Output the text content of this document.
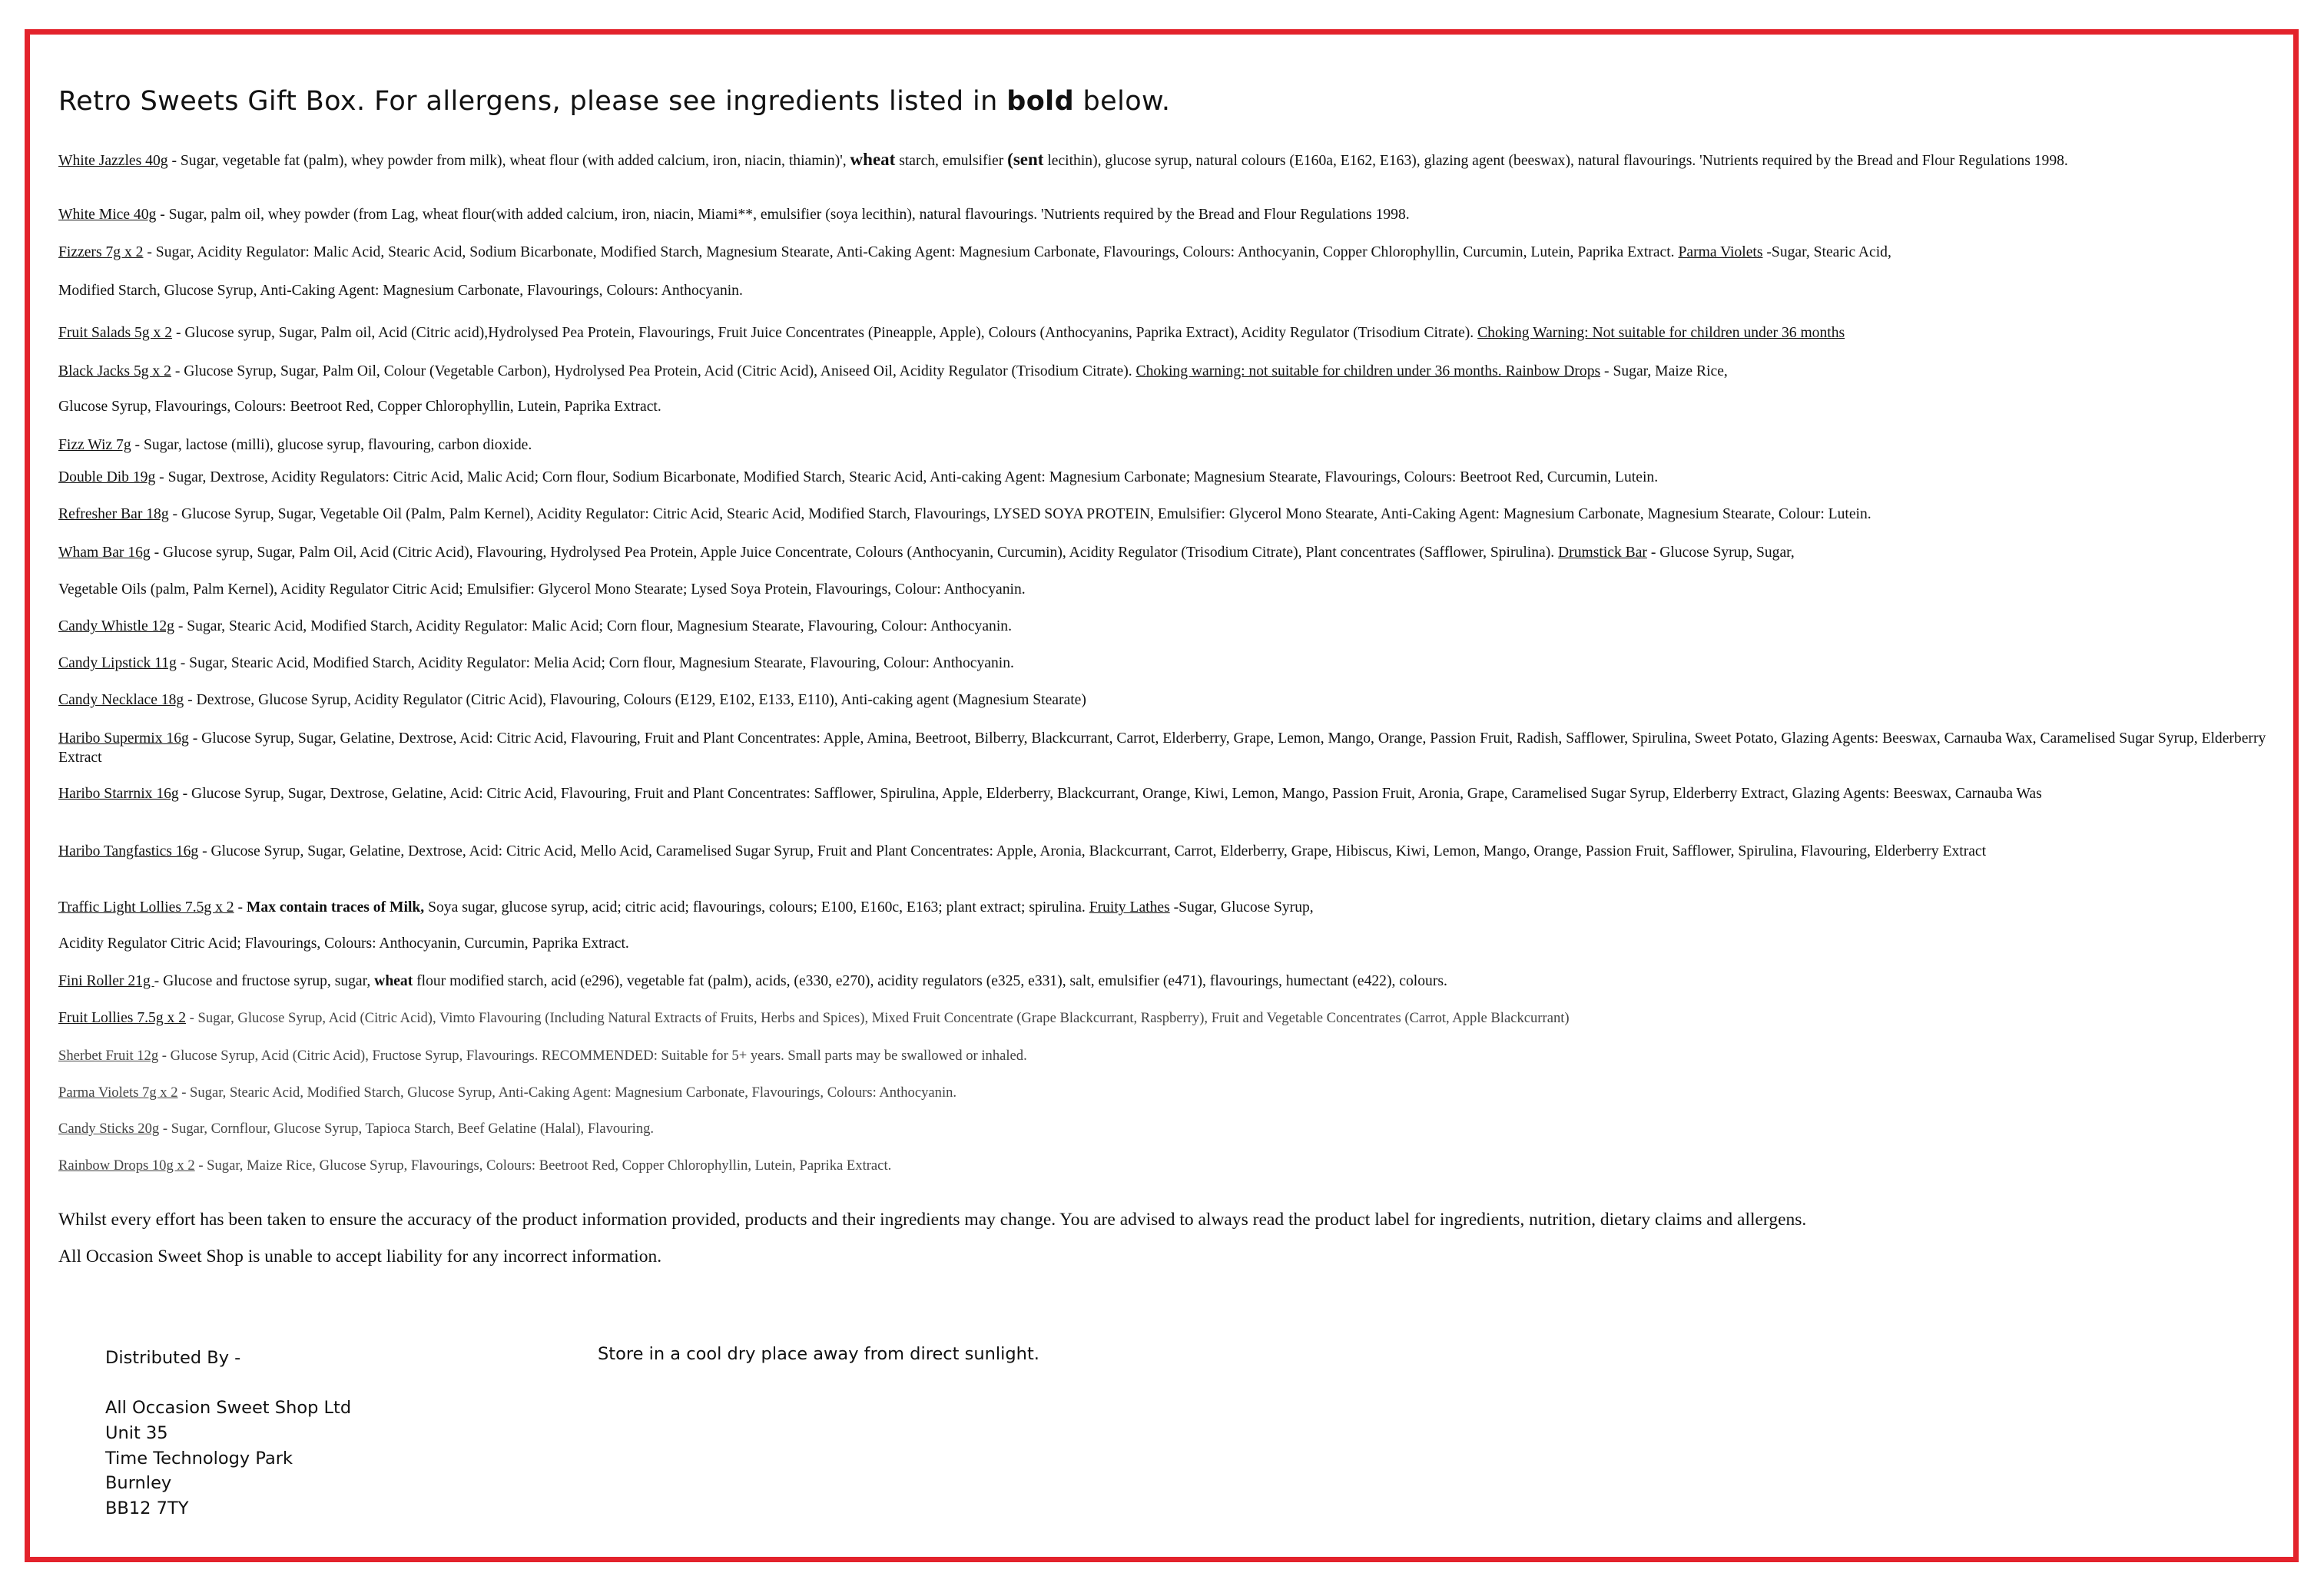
Retro Sweets Gift Box. For allergens, please see ingredients listed in bold below.
White Jazzles 40g - Sugar, vegetable fat (palm), whey powder from milk), wheat flour (with added calcium, iron, niacin, thiamin)', wheat starch, emulsifier (sent lecithin), glucose syrup, natural colours (E160a, E162, E163), glazing agent (beeswax), natural flavourings. 'Nutrients required by the Bread and Flour Regulations 1998.
White Mice 40g - Sugar, palm oil, whey powder (from Lag, wheat flour(with added calcium, iron, niacin, Miami**, emulsifier (soya lecithin), natural flavourings. 'Nutrients required by the Bread and Flour Regulations 1998.
Fizzers 7g x 2 - Sugar, Acidity Regulator: Malic Acid, Stearic Acid, Sodium Bicarbonate, Modified Starch, Magnesium Stearate, Anti-Caking Agent: Magnesium Carbonate, Flavourings, Colours: Anthocyanin, Copper Chlorophyllin, Curcumin, Lutein, Paprika Extract. Parma Violets -Sugar, Stearic Acid,
Modified Starch, Glucose Syrup, Anti-Caking Agent: Magnesium Carbonate, Flavourings, Colours: Anthocyanin.
Fruit Salads 5g x 2 - Glucose syrup, Sugar, Palm oil, Acid (Citric acid),Hydrolysed Pea Protein, Flavourings, Fruit Juice Concentrates (Pineapple, Apple), Colours (Anthocyanins, Paprika Extract), Acidity Regulator (Trisodium Citrate). Choking Warning: Not suitable for children under 36 months
Black Jacks 5g x 2 - Glucose Syrup, Sugar, Palm Oil, Colour (Vegetable Carbon), Hydrolysed Pea Protein, Acid (Citric Acid), Aniseed Oil, Acidity Regulator (Trisodium Citrate). Choking warning: not suitable for children under 36 months. Rainbow Drops - Sugar, Maize Rice,
Glucose Syrup, Flavourings, Colours: Beetroot Red, Copper Chlorophyllin, Lutein, Paprika Extract.
Fizz Wiz 7g - Sugar, lactose (milli), glucose syrup, flavouring, carbon dioxide.
Double Dib 19g - Sugar, Dextrose, Acidity Regulators: Citric Acid, Malic Acid; Corn flour, Sodium Bicarbonate, Modified Starch, Stearic Acid, Anti-caking Agent: Magnesium Carbonate; Magnesium Stearate, Flavourings, Colours: Beetroot Red, Curcumin, Lutein.
Refresher Bar 18g - Glucose Syrup, Sugar, Vegetable Oil (Palm, Palm Kernel), Acidity Regulator: Citric Acid, Stearic Acid, Modified Starch, Flavourings, LYSED SOYA PROTEIN, Emulsifier: Glycerol Mono Stearate, Anti-Caking Agent: Magnesium Carbonate, Magnesium Stearate, Colour: Lutein.
Wham Bar 16g - Glucose syrup, Sugar, Palm Oil, Acid (Citric Acid), Flavouring, Hydrolysed Pea Protein, Apple Juice Concentrate, Colours (Anthocyanin, Curcumin), Acidity Regulator (Trisodium Citrate), Plant concentrates (Safflower, Spirulina). Drumstick Bar - Glucose Syrup, Sugar,
Vegetable Oils (palm, Palm Kernel), Acidity Regulator Citric Acid; Emulsifier: Glycerol Mono Stearate; Lysed Soya Protein, Flavourings, Colour: Anthocyanin.
Candy Whistle 12g - Sugar, Stearic Acid, Modified Starch, Acidity Regulator: Malic Acid; Corn flour, Magnesium Stearate, Flavouring, Colour: Anthocyanin.
Candy Lipstick 11g - Sugar, Stearic Acid, Modified Starch, Acidity Regulator: Melia Acid; Corn flour, Magnesium Stearate, Flavouring, Colour: Anthocyanin.
Candy Necklace 18g - Dextrose, Glucose Syrup, Acidity Regulator (Citric Acid), Flavouring, Colours (E129, E102, E133, E110), Anti-caking agent (Magnesium Stearate)
Haribo Supermix 16g - Glucose Syrup, Sugar, Gelatine, Dextrose, Acid: Citric Acid, Flavouring, Fruit and Plant Concentrates: Apple, Amina, Beetroot, Bilberry, Blackcurrant, Carrot, Elderberry, Grape, Lemon, Mango, Orange, Passion Fruit, Radish, Safflower, Spirulina, Sweet Potato, Glazing Agents: Beeswax, Carnauba Wax, Caramelised Sugar Syrup, Elderberry Extract
Haribo Starrnix 16g - Glucose Syrup, Sugar, Dextrose, Gelatine, Acid: Citric Acid, Flavouring, Fruit and Plant Concentrates: Safflower, Spirulina, Apple, Elderberry, Blackcurrant, Orange, Kiwi, Lemon, Mango, Passion Fruit, Aronia, Grape, Caramelised Sugar Syrup, Elderberry Extract, Glazing Agents: Beeswax, Carnauba Was
Haribo Tangfastics 16g - Glucose Syrup, Sugar, Gelatine, Dextrose, Acid: Citric Acid, Mello Acid, Caramelised Sugar Syrup, Fruit and Plant Concentrates: Apple, Aronia, Blackcurrant, Carrot, Elderberry, Grape, Hibiscus, Kiwi, Lemon, Mango, Orange, Passion Fruit, Safflower, Spirulina, Flavouring, Elderberry Extract
Traffic Light Lollies 7.5g x 2 - Max contain traces of Milk, Soya sugar, glucose syrup, acid; citric acid; flavourings, colours; E100, E160c, E163; plant extract; spirulina. Fruity Lathes -Sugar, Glucose Syrup,
Acidity Regulator Citric Acid; Flavourings, Colours: Anthocyanin, Curcumin, Paprika Extract.
Fini Roller 21g - Glucose and fructose syrup, sugar, wheat flour modified starch, acid (e296), vegetable fat (palm), acids, (e330, e270), acidity regulators (e325, e331), salt, emulsifier (e471), flavourings, humectant (e422), colours.
Fruit Lollies 7.5g x 2 - Sugar, Glucose Syrup, Acid (Citric Acid), Vimto Flavouring (Including Natural Extracts of Fruits, Herbs and Spices), Mixed Fruit Concentrate (Grape Blackcurrant, Raspberry), Fruit and Vegetable Concentrates (Carrot, Apple Blackcurrant)
Sherbet Fruit 12g - Glucose Syrup, Acid (Citric Acid), Fructose Syrup, Flavourings. RECOMMENDED: Suitable for 5+ years. Small parts may be swallowed or inhaled.
Parma Violets 7g x 2 - Sugar, Stearic Acid, Modified Starch, Glucose Syrup, Anti-Caking Agent: Magnesium Carbonate, Flavourings, Colours: Anthocyanin.
Candy Sticks 20g - Sugar, Cornflour, Glucose Syrup, Tapioca Starch, Beef Gelatine (Halal), Flavouring.
Rainbow Drops 10g x 2 - Sugar, Maize Rice, Glucose Syrup, Flavourings, Colours: Beetroot Red, Copper Chlorophyllin, Lutein, Paprika Extract.
Whilst every effort has been taken to ensure the accuracy of the product information provided, products and their ingredients may change. You are advised to always read the product label for ingredients, nutrition, dietary claims and allergens.
All Occasion Sweet Shop is unable to accept liability for any incorrect information.
Distributed By -
All Occasion Sweet Shop Ltd
Unit 35
Time Technology Park
Burnley
BB12 7TY
Store in a cool dry place away from direct sunlight.
